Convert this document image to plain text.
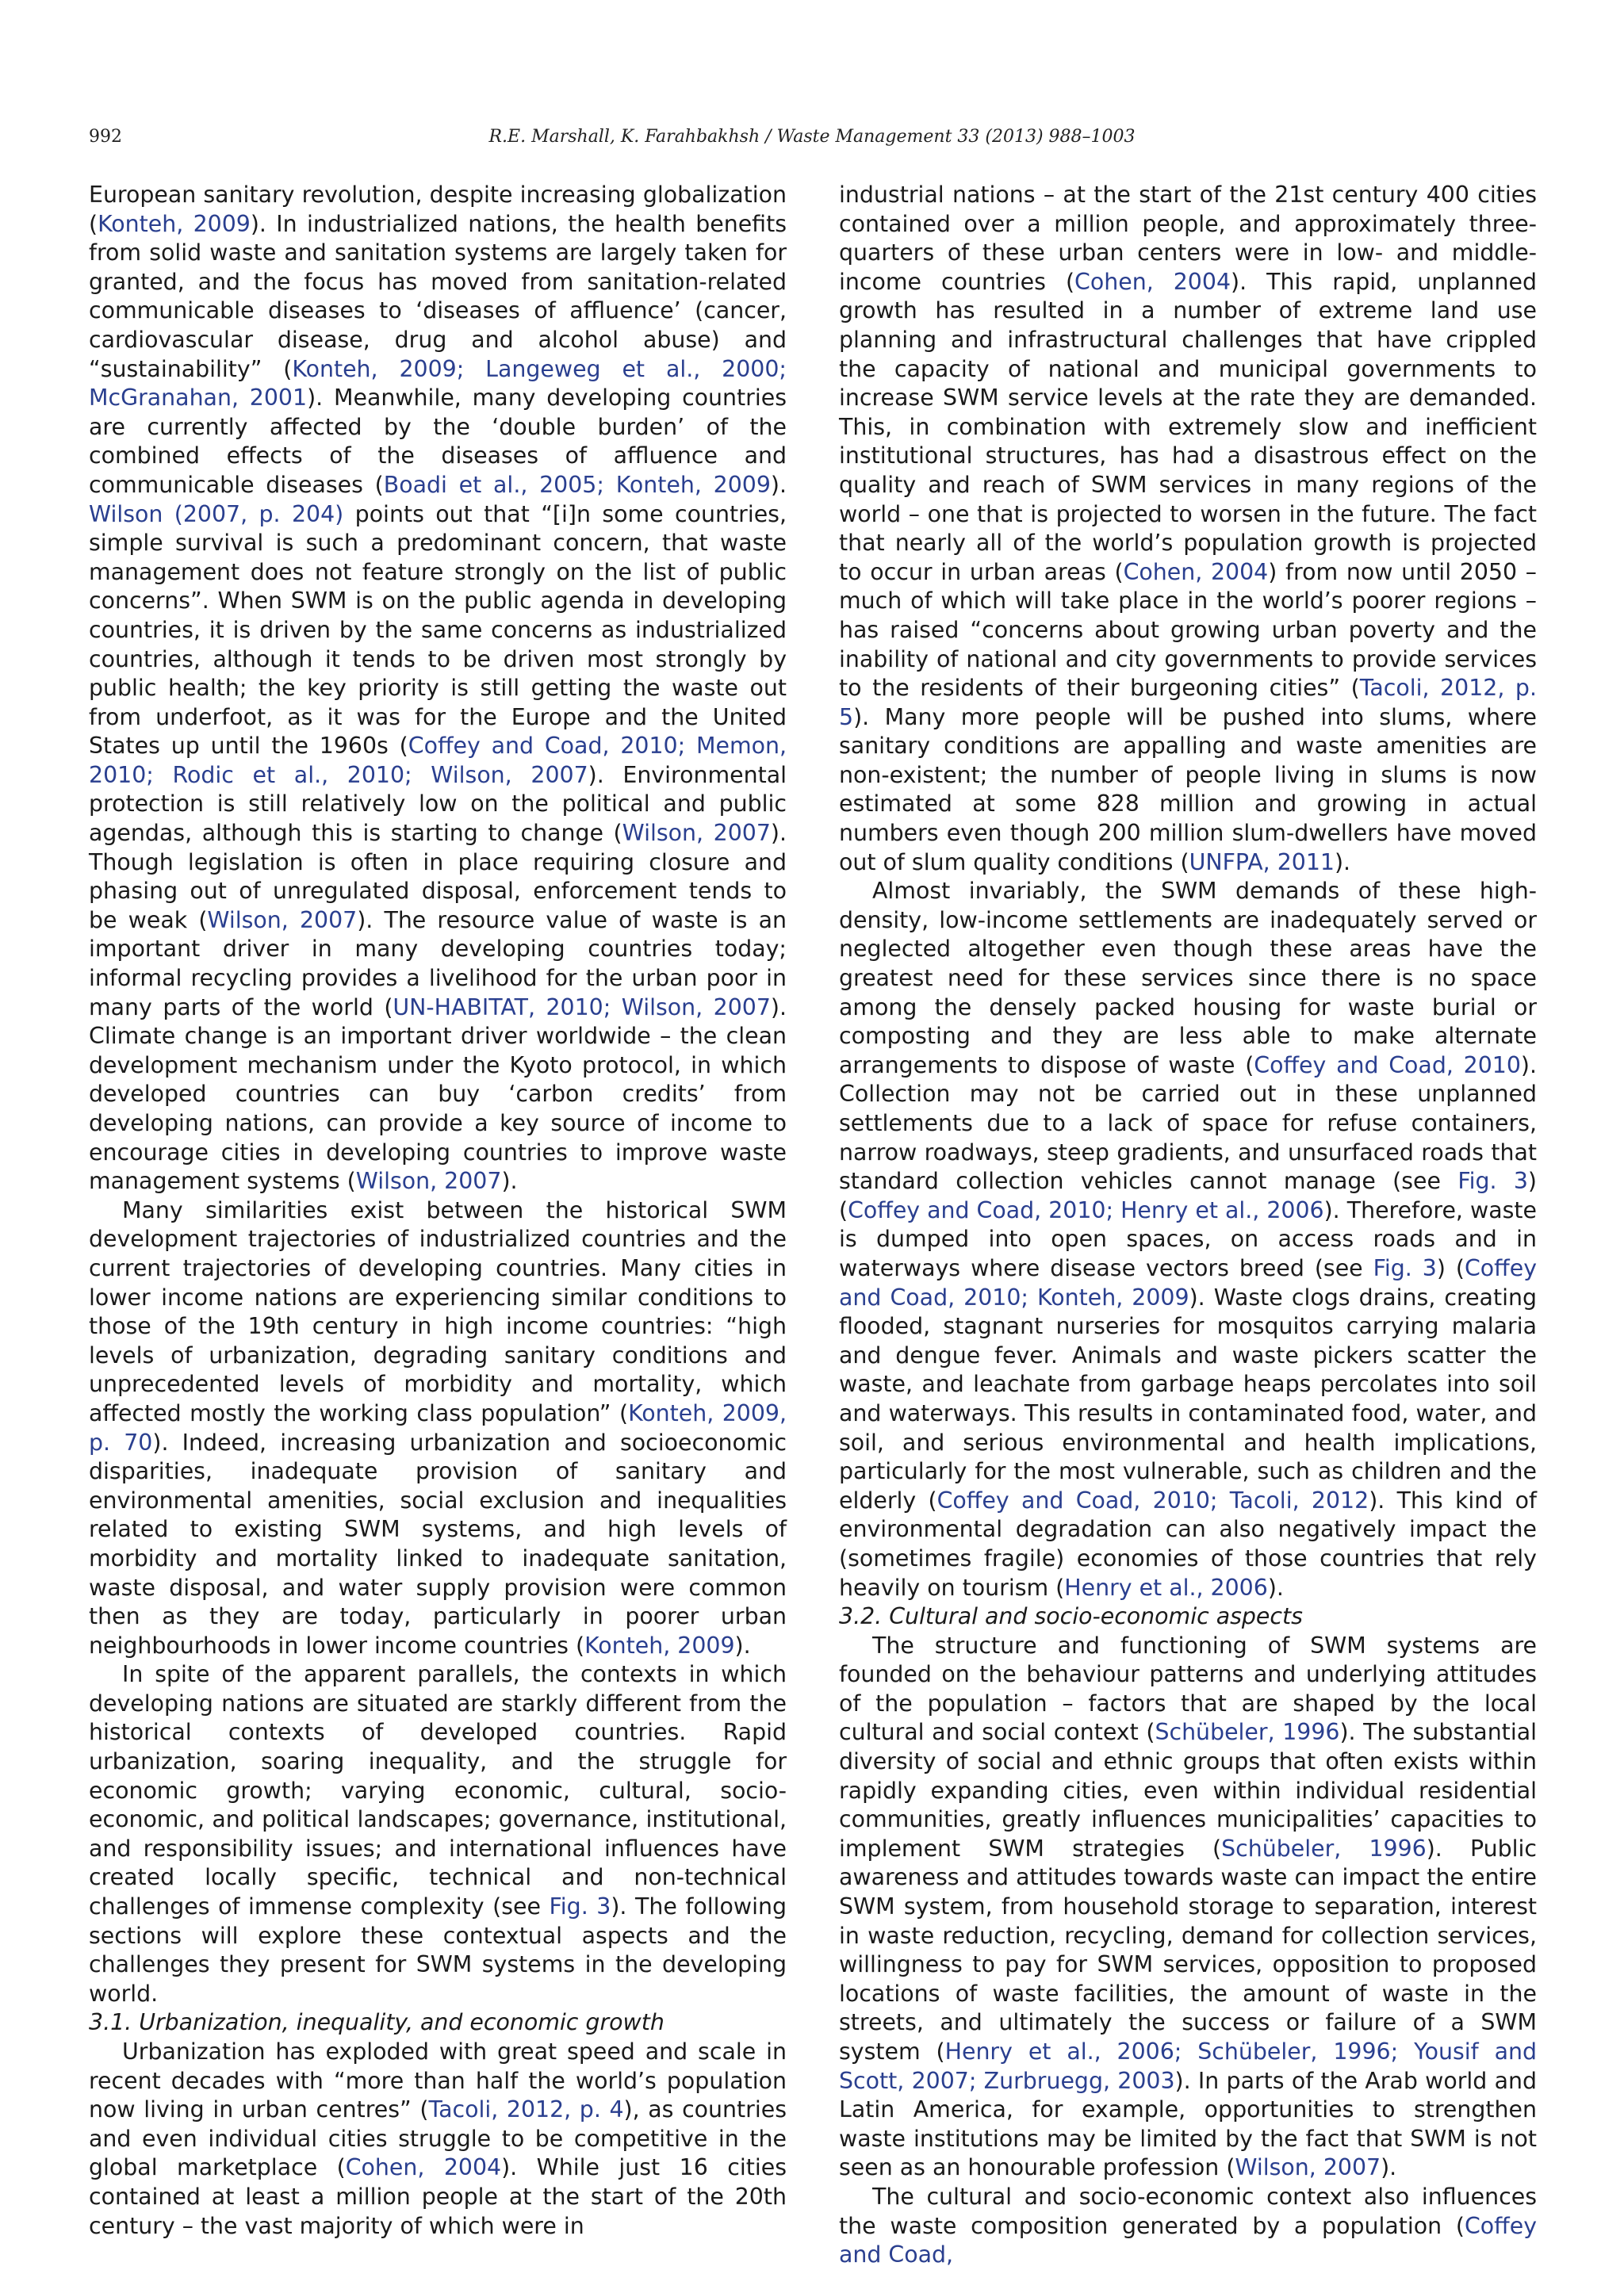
992	R.E. Marshall, K. Farahbakhsh / Waste Management 33 (2013) 988–1003

European sanitary revolution, despite increasing globalization (Konteh, 2009). In industrialized nations, the health benefits from solid waste and sanitation systems are largely taken for granted, and the focus has moved from sanitation-related communicable diseases to ‘diseases of affluence’ (cancer, cardiovascular disease, drug and alcohol abuse) and “sustainability” (Konteh, 2009; Langeweg et al., 2000; McGranahan, 2001). Meanwhile, many developing countries are currently affected by the ‘double burden’ of the combined effects of the diseases of affluence and communicable diseases (Boadi et al., 2005; Konteh, 2009). Wilson (2007, p. 204) points out that “[i]n some countries, simple survival is such a predominant concern, that waste management does not feature strongly on the list of public concerns”. When SWM is on the public agenda in developing countries, it is driven by the same concerns as industrialized countries, although it tends to be driven most strongly by public health; the key priority is still getting the waste out from underfoot, as it was for the Europe and the United States up until the 1960s (Coffey and Coad, 2010; Memon, 2010; Rodic et al., 2010; Wilson, 2007). Environmental protection is still relatively low on the political and public agendas, although this is starting to change (Wilson, 2007). Though legislation is often in place requiring closure and phasing out of unregulated disposal, enforcement tends to be weak (Wilson, 2007). The resource value of waste is an important driver in many developing countries today; informal recycling provides a livelihood for the urban poor in many parts of the world (UN-HABITAT, 2010; Wilson, 2007). Climate change is an important driver worldwide – the clean development mechanism under the Kyoto protocol, in which developed countries can buy ‘carbon credits’ from developing nations, can provide a key source of income to encourage cities in developing countries to improve waste management systems (Wilson, 2007).

Many similarities exist between the historical SWM development trajectories of industrialized countries and the current trajectories of developing countries. Many cities in lower income nations are experiencing similar conditions to those of the 19th century in high income countries: “high levels of urbanization, degrading sanitary conditions and unprecedented levels of morbidity and mortality, which affected mostly the working class population” (Konteh, 2009, p. 70). Indeed, increasing urbanization and socioeconomic disparities, inadequate provision of sanitary and environmental amenities, social exclusion and inequalities related to existing SWM systems, and high levels of morbidity and mortality linked to inadequate sanitation, waste disposal, and water supply provision were common then as they are today, particularly in poorer urban neighbourhoods in lower income countries (Konteh, 2009).

In spite of the apparent parallels, the contexts in which developing nations are situated are starkly different from the historical contexts of developed countries. Rapid urbanization, soaring inequality, and the struggle for economic growth; varying economic, cultural, socio-economic, and political landscapes; governance, institutional, and responsibility issues; and international influences have created locally specific, technical and non-technical challenges of immense complexity (see Fig. 3). The following sections will explore these contextual aspects and the challenges they present for SWM systems in the developing world.

3.1. Urbanization, inequality, and economic growth

Urbanization has exploded with great speed and scale in recent decades with “more than half the world’s population now living in urban centres” (Tacoli, 2012, p. 4), as countries and even individual cities struggle to be competitive in the global marketplace (Cohen, 2004). While just 16 cities contained at least a million people at the start of the 20th century – the vast majority of which were in

industrial nations – at the start of the 21st century 400 cities contained over a million people, and approximately three-quarters of these urban centers were in low- and middle-income countries (Cohen, 2004). This rapid, unplanned growth has resulted in a number of extreme land use planning and infrastructural challenges that have crippled the capacity of national and municipal governments to increase SWM service levels at the rate they are demanded. This, in combination with extremely slow and inefficient institutional structures, has had a disastrous effect on the quality and reach of SWM services in many regions of the world – one that is projected to worsen in the future. The fact that nearly all of the world’s population growth is projected to occur in urban areas (Cohen, 2004) from now until 2050 – much of which will take place in the world’s poorer regions – has raised “concerns about growing urban poverty and the inability of national and city governments to provide services to the residents of their burgeoning cities” (Tacoli, 2012, p. 5). Many more people will be pushed into slums, where sanitary conditions are appalling and waste amenities are non-existent; the number of people living in slums is now estimated at some 828 million and growing in actual numbers even though 200 million slum-dwellers have moved out of slum quality conditions (UNFPA, 2011).

Almost invariably, the SWM demands of these high-density, low-income settlements are inadequately served or neglected altogether even though these areas have the greatest need for these services since there is no space among the densely packed housing for waste burial or composting and they are less able to make alternate arrangements to dispose of waste (Coffey and Coad, 2010). Collection may not be carried out in these unplanned settlements due to a lack of space for refuse containers, narrow roadways, steep gradients, and unsurfaced roads that standard collection vehicles cannot manage (see Fig. 3) (Coffey and Coad, 2010; Henry et al., 2006). Therefore, waste is dumped into open spaces, on access roads and in waterways where disease vectors breed (see Fig. 3) (Coffey and Coad, 2010; Konteh, 2009). Waste clogs drains, creating flooded, stagnant nurseries for mosquitos carrying malaria and dengue fever. Animals and waste pickers scatter the waste, and leachate from garbage heaps percolates into soil and waterways. This results in contaminated food, water, and soil, and serious environmental and health implications, particularly for the most vulnerable, such as children and the elderly (Coffey and Coad, 2010; Tacoli, 2012). This kind of environmental degradation can also negatively impact the (sometimes fragile) economies of those countries that rely heavily on tourism (Henry et al., 2006).

3.2. Cultural and socio-economic aspects

The structure and functioning of SWM systems are founded on the behaviour patterns and underlying attitudes of the population – factors that are shaped by the local cultural and social context (Schübeler, 1996). The substantial diversity of social and ethnic groups that often exists within rapidly expanding cities, even within individual residential communities, greatly influences municipalities’ capacities to implement SWM strategies (Schübeler, 1996). Public awareness and attitudes towards waste can impact the entire SWM system, from household storage to separation, interest in waste reduction, recycling, demand for collection services, willingness to pay for SWM services, opposition to proposed locations of waste facilities, the amount of waste in the streets, and ultimately the success or failure of a SWM system (Henry et al., 2006; Schübeler, 1996; Yousif and Scott, 2007; Zurbruegg, 2003). In parts of the Arab world and Latin America, for example, opportunities to strengthen waste institutions may be limited by the fact that SWM is not seen as an honourable profession (Wilson, 2007).

The cultural and socio-economic context also influences the waste composition generated by a population (Coffey and Coad,
